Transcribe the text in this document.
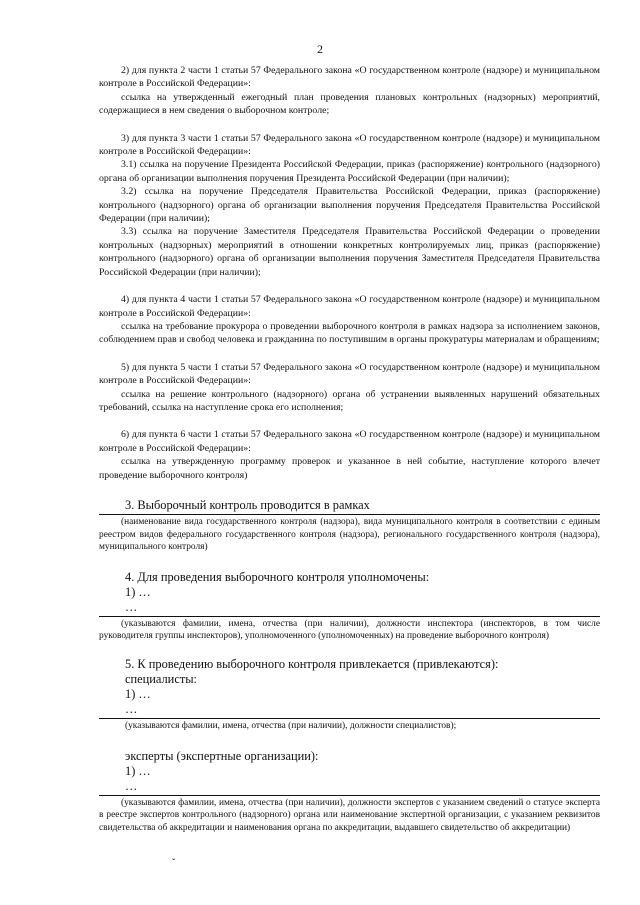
2

2) для пункта 2 части 1 статьи 57 Федерального закона «О государственном контроле (надзоре) и муниципальном контроле в Российской Федерации»:

ссылка на утвержденный ежегодный план проведения плановых контрольных (надзорных) мероприятий, содержащиеся в нем сведения о выборочном контроле;

3) для пункта 3 части 1 статьи 57 Федерального закона «О государственном контроле (надзоре) и муниципальном контроле в Российской Федерации»:

3.1) ссылка на поручение Президента Российской Федерации, приказ (распоряжение) контрольного (надзорного) органа об организации выполнения поручения Президента Российской Федерации (при наличии);

3.2) ссылка на поручение Председателя Правительства Российской Федерации, приказ (распоряжение) контрольного (надзорного) органа об организации выполнения поручения Председателя Правительства Российской Федерации (при наличии);

3.3) ссылка на поручение Заместителя Председателя Правительства Российской Федерации о проведении контрольных (надзорных) мероприятий в отношении конкретных контролируемых лиц, приказ (распоряжение) контрольного (надзорного) органа об организации выполнения поручения Заместителя Председателя Правительства Российской Федерации (при наличии);

4) для пункта 4 части 1 статьи 57 Федерального закона «О государственном контроле (надзоре) и муниципальном контроле в Российской Федерации»:

ссылка на требование прокурора о проведении выборочного контроля в рамках надзора за исполнением законов, соблюдением прав и свобод человека и гражданина по поступившим в органы прокуратуры материалам и обращениям;

5) для пункта 5 части 1 статьи 57 Федерального закона «О государственном контроле (надзоре) и муниципальном контроле в Российской Федерации»:

ссылка на решение контрольного (надзорного) органа об устранении выявленных нарушений обязательных требований, ссылка на наступление срока его исполнения;

6) для пункта 6 части 1 статьи 57 Федерального закона «О государственном контроле (надзоре) и муниципальном контроле в Российской Федерации»:

ссылка на утвержденную программу проверок и указанное в ней событие, наступление которого влечет проведение выборочного контроля)

3. Выборочный контроль проводится в рамках

(наименование вида государственного контроля (надзора), вида муниципального контроля в соответствии с единым реестром видов федерального государственного контроля (надзора), регионального государственного контроля (надзора), муниципального контроля)

4. Для проведения выборочного контроля уполномочены:

1) …

…

(указываются фамилии, имена, отчества (при наличии), должности инспектора (инспекторов, в том числе руководителя группы инспекторов), уполномоченного (уполномоченных) на проведение выборочного контроля)

5. К проведению выборочного контроля привлекается (привлекаются):

специалисты:

1) …

…

(указываются фамилии, имена, отчества (при наличии), должности специалистов);

эксперты (экспертные организации):

1) …

…

(указываются фамилии, имена, отчества (при наличии), должности экспертов с указанием сведений о статусе эксперта в реестре экспертов контрольного (надзорного) органа или наименование экспертной организации, с указанием реквизитов свидетельства об аккредитации и наименования органа по аккредитации, выдавшего свидетельство об аккредитации)

ˇ
